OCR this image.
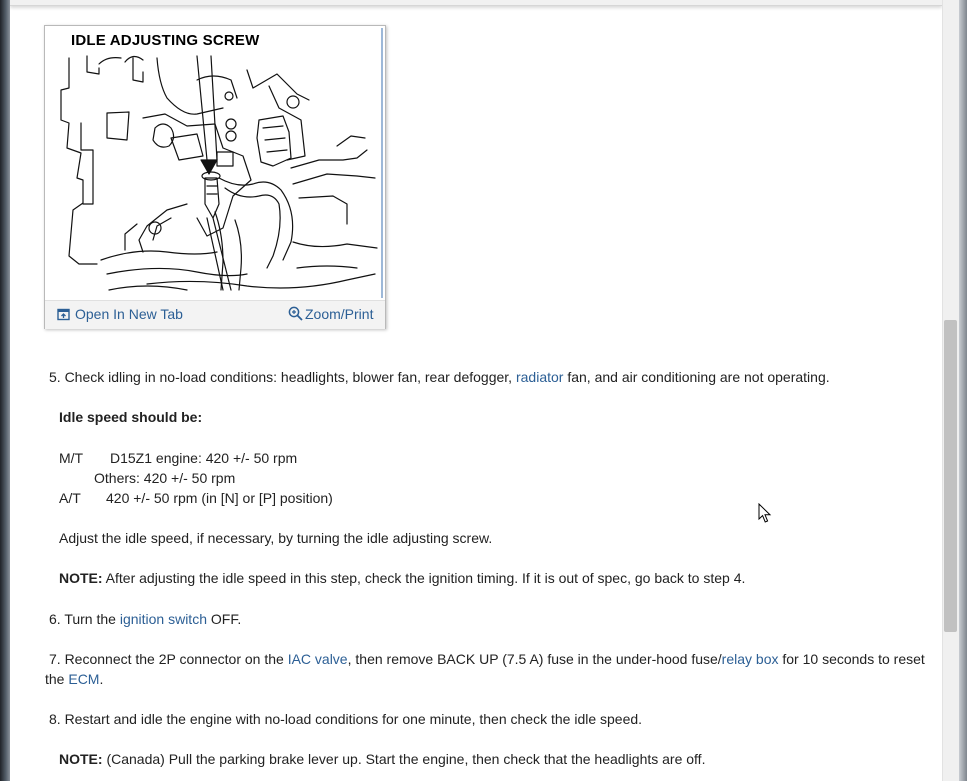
IDLE ADJUSTING SCREW
Open In New Tab	Zoom/Print
5. Check idling in no-load conditions: headlights, blower fan, rear defogger, radiator fan, and air conditioning are not operating.
Idle speed should be:
M/T D15Z1 engine: 420 +/- 50 rpm
Others: 420 +/- 50 rpm
A/T 420 +/- 50 rpm (in [N] or [P] position)
Adjust the idle speed, if necessary, by turning the idle adjusting screw.
NOTE: After adjusting the idle speed in this step, check the ignition timing. If it is out of spec, go back to step 4.
6. Turn the ignition switch OFF.
7. Reconnect the 2P connector on the IAC valve, then remove BACK UP (7.5 A) fuse in the under-hood fuse/relay box for 10 seconds to reset
the ECM.
8. Restart and idle the engine with no-load conditions for one minute, then check the idle speed.
NOTE: (Canada) Pull the parking brake lever up. Start the engine, then check that the headlights are off.
